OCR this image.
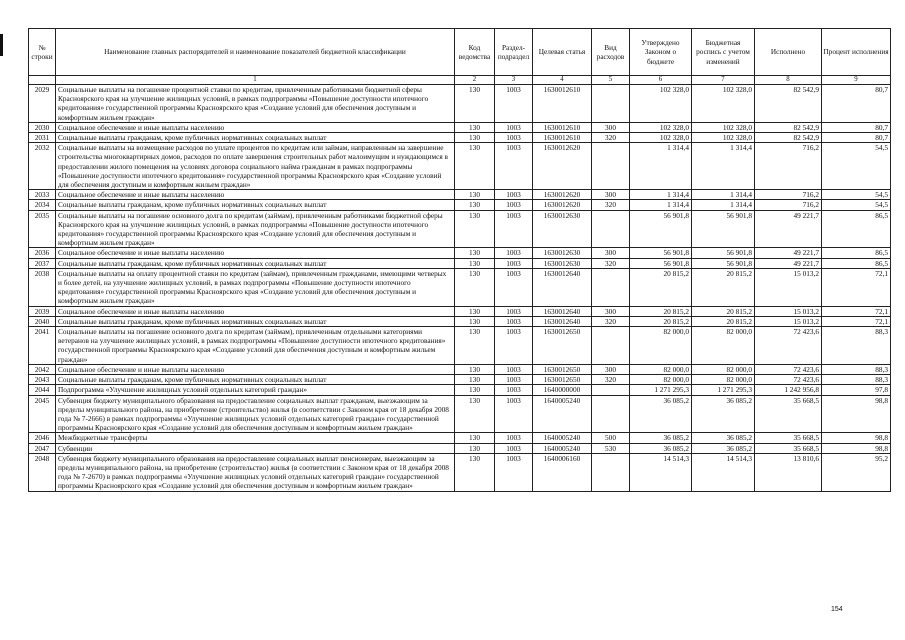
№ строки	Наименование главных распорядителей и наименование показателей бюджетной классификации	Код ведомства	Раздел-подраздел	Целевая статья	Вид расходов	Утверждено Законом о бюджете	Бюджетная роспись с учетом изменений	Исполнено	Процент исполнения
	1	2	3	4	5	6	7	8	9
2029	Социальные выплаты на погашение процентной ставки по кредитам, привлеченным работниками бюджетной сферы Красноярского края на улучшение жилищных условий, в рамках подпрограммы «Повышение доступности ипотечного кредитования» государственной программы Красноярского края «Создание условий для обеспечения доступным и комфортным жильем граждан»	130	1003	1630012610		102 328,0	102 328,0	82 542,9	80,7
2030	Социальное обеспечение и иные выплаты населению	130	1003	1630012610	300	102 328,0	102 328,0	82 542,9	80,7
2031	Социальные выплаты гражданам, кроме публичных нормативных социальных выплат	130	1003	1630012610	320	102 328,0	102 328,0	82 542,9	80,7
2032	Социальные выплаты на возмещение расходов по уплате процентов по кредитам или займам, направленным на завершение строительства многоквартирных домов, расходов по оплате завершения строительных работ малоимущим и нуждающимся в предоставлении жилого помещения на условиях договора социального найма гражданам в рамках подпрограммы «Повышение доступности ипотечного кредитования» государственной программы Красноярского края «Создание условий для обеспечения доступным и комфортным жильем граждан»	130	1003	1630012620		1 314,4	1 314,4	716,2	54,5
2033	Социальное обеспечение и иные выплаты населению	130	1003	1630012620	300	1 314,4	1 314,4	716,2	54,5
2034	Социальные выплаты гражданам, кроме публичных нормативных социальных выплат	130	1003	1630012620	320	1 314,4	1 314,4	716,2	54,5
2035	Социальные выплаты на погашение основного долга по кредитам (займам), привлеченным работниками бюджетной сферы Красноярского края на улучшение жилищных условий, в рамках подпрограммы «Повышение доступности ипотечного кредитования» государственной программы Красноярского края «Создание условий для обеспечения доступным и комфортным жильем граждан»	130	1003	1630012630		56 901,8	56 901,8	49 221,7	86,5
2036	Социальное обеспечение и иные выплаты населению	130	1003	1630012630	300	56 901,8	56 901,8	49 221,7	86,5
2037	Социальные выплаты гражданам, кроме публичных нормативных социальных выплат	130	1003	1630012630	320	56 901,8	56 901,8	49 221,7	86,5
2038	Социальные выплаты на оплату процентной ставки по кредитам (займам), привлеченным гражданами, имеющими четверых и более детей, на улучшение жилищных условий, в рамках подпрограммы «Повышение доступности ипотечного кредитования» государственной программы Красноярского края «Создание условий для обеспечения доступным и комфортным жильем граждан»	130	1003	1630012640		20 815,2	20 815,2	15 013,2	72,1
2039	Социальное обеспечение и иные выплаты населению	130	1003	1630012640	300	20 815,2	20 815,2	15 013,2	72,1
2040	Социальные выплаты гражданам, кроме публичных нормативных социальных выплат	130	1003	1630012640	320	20 815,2	20 815,2	15 013,2	72,1
2041	Социальные выплаты на погашение основного долга по кредитам (займам), привлеченным отдельными категориями ветеранов на улучшение жилищных условий, в рамках подпрограммы «Повышение доступности ипотечного кредитования» государственной программы Красноярского края «Создание условий для обеспечения доступным и комфортным жильем граждан»	130	1003	1630012650		82 000,0	82 000,0	72 423,6	88,3
2042	Социальное обеспечение и иные выплаты населению	130	1003	1630012650	300	82 000,0	82 000,0	72 423,6	88,3
2043	Социальные выплаты гражданам, кроме публичных нормативных социальных выплат	130	1003	1630012650	320	82 000,0	82 000,0	72 423,6	88,3
2044	Подпрограмма «Улучшение жилищных условий отдельных категорий граждан»	130	1003	1640000000		1 271 295,3	1 271 295,3	1 242 956,8	97,8
2045	Субвенция бюджету муниципального образования на предоставление социальных выплат гражданам, выезжающим за пределы муниципального района, на приобретение (строительство) жилья (в соответствии с Законом края от 18 декабря 2008 года № 7-2666) в рамках подпрограммы «Улучшение жилищных условий отдельных категорий граждан» государственной программы Красноярского края «Создание условий для обеспечения доступным и комфортным жильем граждан»	130	1003	1640005240		36 085,2	36 085,2	35 668,5	98,8
2046	Межбюджетные трансферты	130	1003	1640005240	500	36 085,2	36 085,2	35 668,5	98,8
2047	Субвенции	130	1003	1640005240	530	36 085,2	36 085,2	35 668,5	98,8
2048	Субвенция бюджету муниципального образования на предоставление социальных выплат пенсионерам, выезжающим за пределы муниципального района, на приобретение (строительство) жилья (в соответствии с Законом края от 18 декабря 2008 года № 7-2670) в рамках подпрограммы «Улучшение жилищных условий отдельных категорий граждан» государственной программы Красноярского края «Создание условий для обеспечения доступным и комфортным жильем граждан»	130	1003	1640006160		14 514,3	14 514,3	13 810,6	95,2
154
